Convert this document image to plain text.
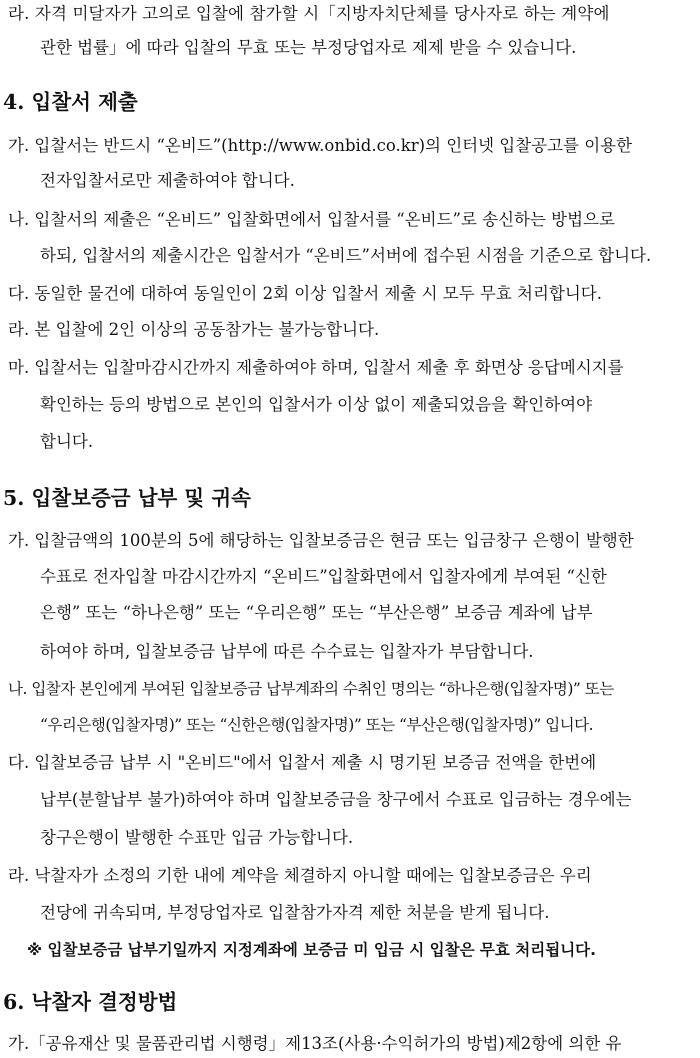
라. 자격 미달자가 고의로 입찰에 참가할 시「지방자치단체를 당사자로 하는 계약에
관한 법률」에 따라 입찰의 무효 또는 부정당업자로 제제 받을 수 있습니다.
4. 입찰서 제출
가. 입찰서는 반드시 “온비드”(http://www.onbid.co.kr)의 인터넷 입찰공고를 이용한
전자입찰서로만 제출하여야 합니다.
나. 입찰서의 제출은 “온비드” 입찰화면에서 입찰서를 “온비드”로 송신하는 방법으로
하되, 입찰서의 제출시간은 입찰서가 “온비드”서버에 접수된 시점을 기준으로 합니다.
다. 동일한 물건에 대하여 동일인이 2회 이상 입찰서 제출 시 모두 무효 처리합니다.
라. 본 입찰에 2인 이상의 공동참가는 불가능합니다.
마. 입찰서는 입찰마감시간까지 제출하여야 하며, 입찰서 제출 후 화면상 응답메시지를
확인하는 등의 방법으로 본인의 입찰서가 이상 없이 제출되었음을 확인하여야
합니다.
5. 입찰보증금 납부 및 귀속
가. 입찰금액의 100분의 5에 해당하는 입찰보증금은 현금 또는 입금창구 은행이 발행한
수표로 전자입찰 마감시간까지 “온비드”입찰화면에서 입찰자에게 부여된 “신한
은행” 또는 “하나은행” 또는 “우리은행” 또는 “부산은행” 보증금 계좌에 납부
하여야 하며, 입찰보증금 납부에 따른 수수료는 입찰자가 부담합니다.
나. 입찰자 본인에게 부여된 입찰보증금 납부계좌의 수취인 명의는 “하나은행(입찰자명)” 또는
“우리은행(입찰자명)” 또는 “신한은행(입찰자명)” 또는 “부산은행(입찰자명)” 입니다.
다. 입찰보증금 납부 시 "온비드"에서 입찰서 제출 시 명기된 보증금 전액을 한번에
납부(분할납부 불가)하여야 하며 입찰보증금을 창구에서 수표로 입금하는 경우에는
창구은행이 발행한 수표만 입금 가능합니다.
라. 낙찰자가 소정의 기한 내에 계약을 체결하지 아니할 때에는 입찰보증금은 우리
전당에 귀속되며, 부정당업자로 입찰참가자격 제한 처분을 받게 됩니다.
※ 입찰보증금 납부기일까지 지정계좌에 보증금 미 입금 시 입찰은 무효 처리됩니다.
6. 낙찰자 결정방법
가.「공유재산 및 물품관리법 시행령」제13조(사용·수익허가의 방법)제2항에 의한 유
